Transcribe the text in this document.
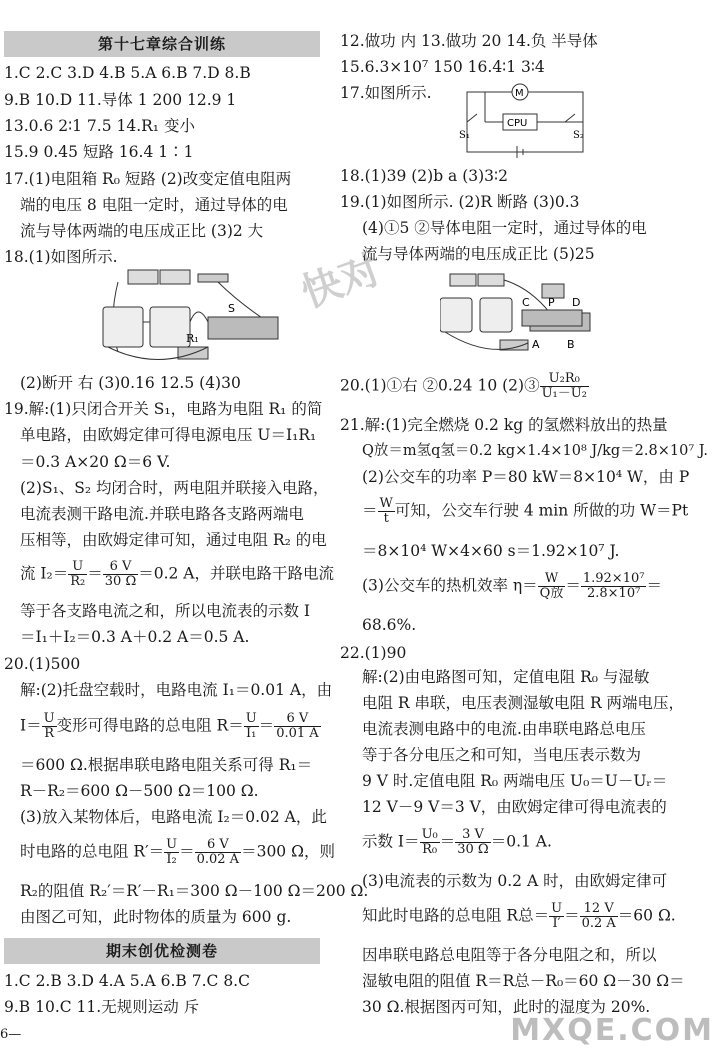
第十七章综合训练
1.C 2.C 3.D 4.B 5.A 6.B 7.D 8.B
9.B 10.D 11.导体 1 200 12.9 1
13.0.6 2∶1 7.5 14.R₁ 变小
15.9 0.45 短路 16.4 1∶1
17.(1)电阻箱 R₀ 短路 (2)改变定值电阻两
端的电压 8 电阻一定时，通过导体的电
流与导体两端的电压成正比 (3)2 大
18.(1)如图所示.
S
R₁
(2)断开 右 (3)0.16 12.5 (4)30
19.解:(1)只闭合开关 S₁，电路为电阻 R₁ 的简
单电路，由欧姆定律可得电源电压 U＝I₁R₁
＝0.3 A×20 Ω＝6 V.
(2)S₁、S₂ 均闭合时，两电阻并联接入电路，
电流表测干路电流.并联电路各支路两端电
压相等，由欧姆定律可知，通过电阻 R₂ 的电
流 $I_2= \frac{U}{\text{R₂}} = \frac{6 V}{30 \Omega} =0.2$ A，并联电路干路电流
等于各支路电流之和，所以电流表的示数 I
＝I₁＋I₂＝0.3 A＋0.2 A＝0.5 A.
20.(1)500
解:(2)托盘空载时，电路电流 I₁＝0.01 A，由
$I= \frac{U}{R}$ 变形可得电路的总电阻 $R= \frac{U}{\text{I₁}} = \frac{6 V}{0.01 A}$
＝600 Ω.根据串联电路电阻关系可得 R₁＝
R－R₂＝600 Ω－500 Ω＝100 Ω.
(3)放入某物体后，电路电流 I₂＝0.02 A，此
时电路的总电阻 $R'= \frac{U}{\text{I₂}} = \frac{6 V}{0.02 A} =300$ Ω，则
R₂的阻值 R₂′＝R′－R₁＝300 Ω－100 Ω＝200 Ω.
由图乙可知，此时物体的质量为 600 g.
期末创优检测卷
1.C 2.B 3.D 4.A 5.A 6.B 7.C 8.C
9.B 10.C 11.无规则运动 斥
6—
12.做功 内 13.做功 20 14.负 半导体
15.6.3×10⁷ 150 16.4∶1 3∶4
17.如图所示.	M
CPU
S₁	S₂
18.(1)39 (2)b a (3)3∶2
19.(1)如图所示. (2)R 断路 (3)0.3
(4)①5 ②导体电阻一定时，通过导体的电
流与导体两端的电压成正比 (5)25
C P D
A B
20.(1)①右 ②0.24 10 (2)③ $\frac{\text{U₂R₀}}{\text{U₁－U₂}}$
21.解:(1)完全燃烧 0.2 kg 的氢燃料放出的热量
Q放＝m氢q氢＝0.2 kg×1.4×10⁸ J/kg＝2.8×10⁷ J.
(2)公交车的功率 P＝80 kW＝8×10⁴ W，由 P
＝ $\frac{W}{t}$ 可知，公交车行驶 4 min 所做的功 W＝Pt
＝8×10⁴ W×4×60 s＝1.92×10⁷ J.
(3)公交车的热机效率 $\eta= \frac{W}{\text{Q放}} = \frac{\text{1.92×10⁷}}{\text{2.8×10⁷}}$ ＝
68.6%.
22.(1)90
解:(2)由电路图可知，定值电阻 R₀ 与湿敏
电阻 R 串联，电压表测湿敏电阻 R 两端电压，
电流表测电路中的电流.由串联电路总电压
等于各分电压之和可知，当电压表示数为
9 V 时.定值电阻 R₀ 两端电压 U₀＝U－Uᵣ＝
12 V－9 V＝3 V，由欧姆定律可得电流表的
示数 $I= \frac{\text{U₀}}{\text{R₀}} = \frac{3 V}{30 \Omega} =0.1$ A.
(3)电流表的示数为 0.2 A 时，由欧姆定律可
知此时电路的总电阻 R总＝ $\frac{U}{I'} = \frac{12 V}{0.2 A} =60$ Ω.
因串联电路总电阻等于各分电阻之和，所以
湿敏电阻的阻值 R＝R总－R₀＝60 Ω－30 Ω＝
30 Ω.根据图丙可知，此时的湿度为 20%.
快对
MXQE.COM
